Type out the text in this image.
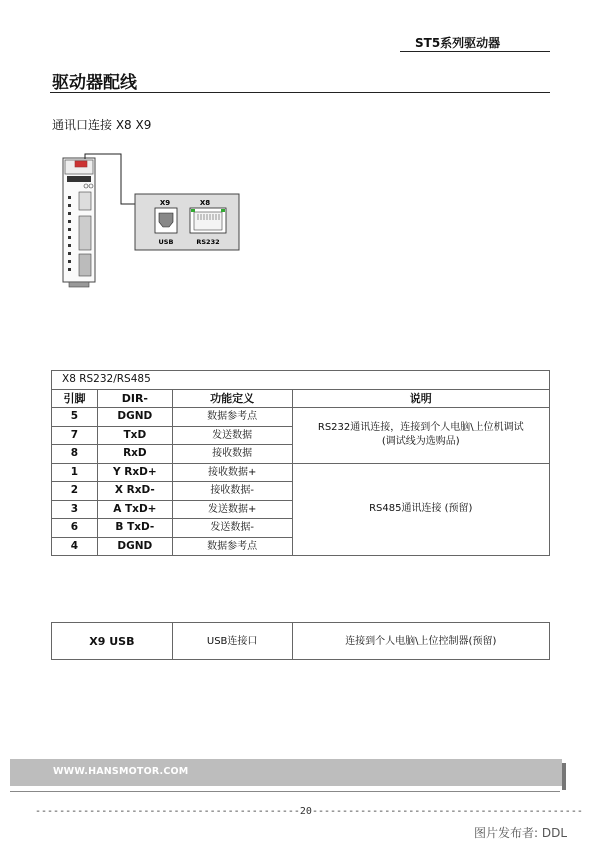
ST5系列驱动器
驱动器配线
通讯口连接 X8 X9
X9	X8
USB	RS232
X8 RS232/RS485			
引脚	DIR-	功能定义	说明
5	DGND	数据参考点	RS232通讯连接，连接到个人电脑\上位机调试
(调试线为选购品)

7	TxD	发送数据	
8	RxD	接收数据	
1	Y RxD+	接收数据+	RS485通讯连接 (预留)
2	X RxD-	接收数据-	
3	A TxD+	发送数据+	
6	B TxD-	发送数据-	
4	DGND	数据参考点	
X9 USB	USB连接口	连接到个人电脑\上位控制器(预留)
WWW.HANSMOTOR.COM
--------------------------------------------20---------------------------------------------
图片发布者: DDL
